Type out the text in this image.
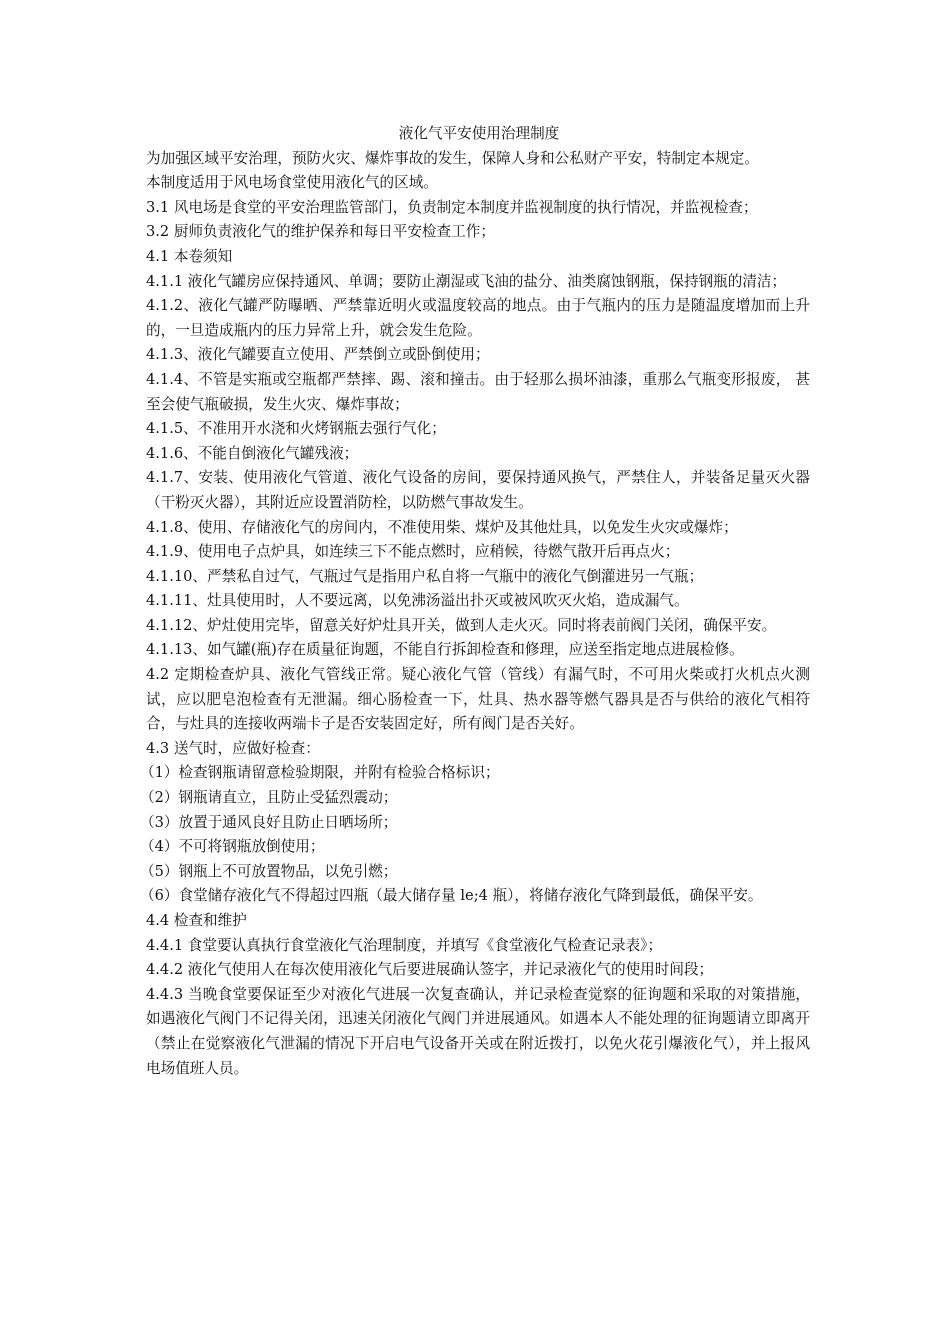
液化气平安使用治理制度

为加强区域平安治理，预防火灾、爆炸事故的发生，保障人身和公私财产平安，特制定本规定。

本制度适用于风电场食堂使用液化气的区域。

3.1 风电场是食堂的平安治理监管部门，负责制定本制度并监视制度的执行情况，并监视检查；

3.2 厨师负责液化气的维护保养和每日平安检查工作；

4.1 本卷须知

4.1.1 液化气罐房应保持通风、单调；要防止潮湿或飞油的盐分、油类腐蚀钢瓶，保持钢瓶的清洁；

4.1.2、液化气罐严防曝晒、严禁靠近明火或温度较高的地点。由于气瓶内的压力是随温度增加而上升的，一旦造成瓶内的压力异常上升，就会发生危险。

4.1.3、液化气罐要直立使用、严禁倒立或卧倒使用；

4.1.4、不管是实瓶或空瓶都严禁摔、踢、滚和撞击。由于轻那么损坏油漆，重那么气瓶变形报废， 甚至会使气瓶破损，发生火灾、爆炸事故；

4.1.5、不准用开水浇和火烤钢瓶去强行气化；

4.1.6、不能自倒液化气罐残液；

4.1.7、安装、使用液化气管道、液化气设备的房间，要保持通风换气，严禁住人，并装备足量灭火器（干粉灭火器），其附近应设置消防栓，以防燃气事故发生。

4.1.8、使用、存储液化气的房间内，不准使用柴、煤炉及其他灶具，以免发生火灾或爆炸；

4.1.9、使用电子点炉具，如连续三下不能点燃时，应稍候，待燃气散开后再点火；

4.1.10、严禁私自过气，气瓶过气是指用户私自将一气瓶中的液化气倒灌进另一气瓶；

4.1.11、灶具使用时，人不要远离，以免沸汤溢出扑灭或被风吹灭火焰，造成漏气。

4.1.12、炉灶使用完毕，留意关好炉灶具开关，做到人走火灭。同时将表前阀门关闭，确保平安。

4.1.13、如气罐(瓶)存在质量征询题，不能自行拆卸检查和修理，应送至指定地点进展检修。

4.2 定期检查炉具、液化气管线正常。疑心液化气管（管线）有漏气时，不可用火柴或打火机点火测试，应以肥皂泡检查有无泄漏。细心肠检查一下，灶具、热水器等燃气器具是否与供给的液化气相符合，与灶具的连接收两端卡子是否安装固定好，所有阀门是否关好。

4.3 送气时，应做好检查：

（1）检查钢瓶请留意检验期限，并附有检验合格标识；

（2）钢瓶请直立，且防止受猛烈震动；

（3）放置于通风良好且防止日晒场所；

（4）不可将钢瓶放倒使用；

（5）钢瓶上不可放置物品，以免引燃；

（6）食堂储存液化气不得超过四瓶（最大储存量 le;4 瓶），将储存液化气降到最低，确保平安。

4.4 检查和维护

4.4.1 食堂要认真执行食堂液化气治理制度，并填写《食堂液化气检查记录表》；

4.4.2 液化气使用人在每次使用液化气后要进展确认签字，并记录液化气的使用时间段；

4.4.3 当晚食堂要保证至少对液化气进展一次复查确认，并记录检查觉察的征询题和采取的对策措施，如遇液化气阀门不记得关闭，迅速关闭液化气阀门并进展通风。如遇本人不能处理的征询题请立即离开（禁止在觉察液化气泄漏的情况下开启电气设备开关或在附近拨打，以免火花引爆液化气），并上报风电场值班人员。
